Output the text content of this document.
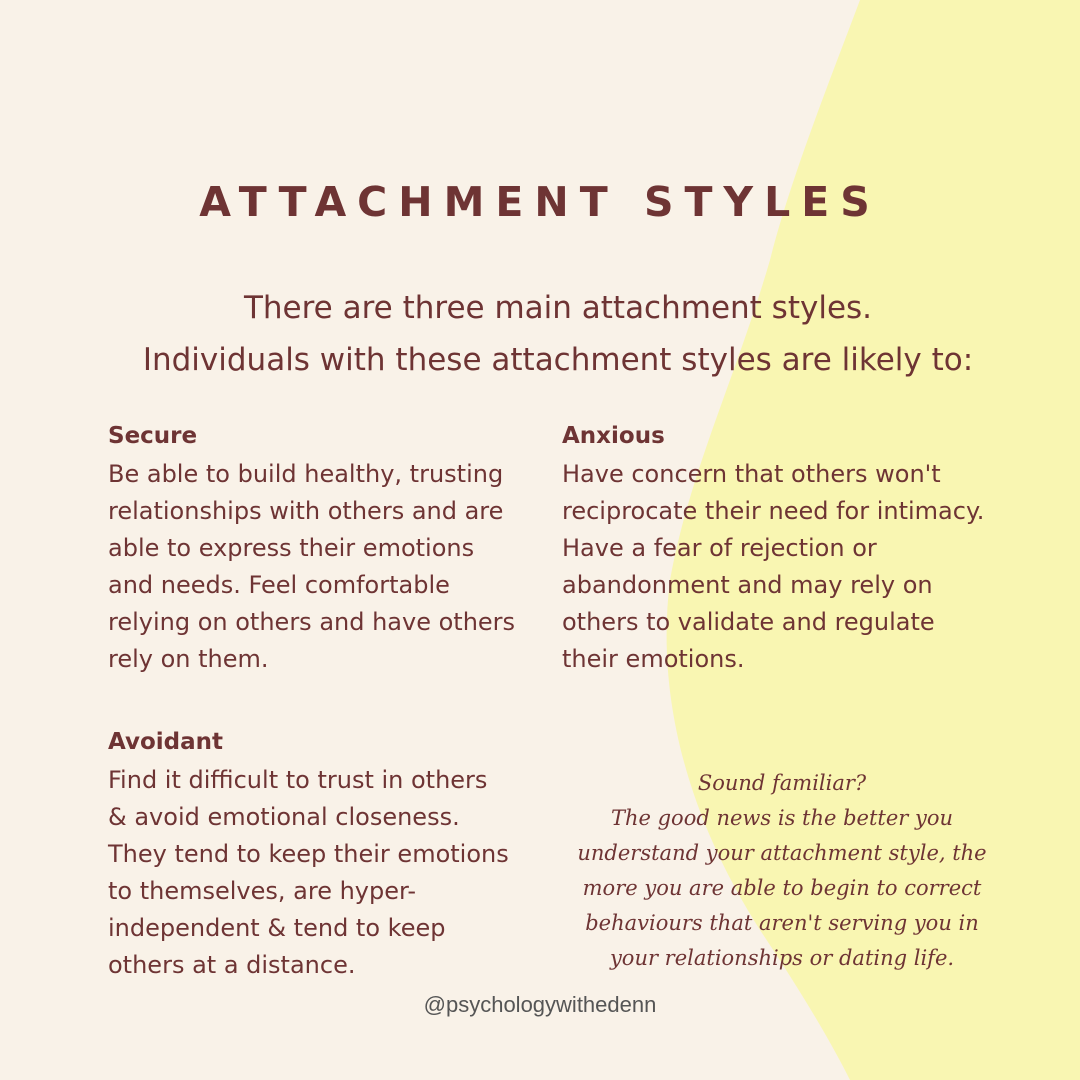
ATTACHMENT STYLES
There are three main attachment styles.
Individuals with these attachment styles are likely to:
Secure

Be able to build healthy, trusting
relationships with others and are
able to express their emotions
and needs. Feel comfortable
relying on others and have others
rely on them.

Anxious

Have concern that others won't
reciprocate their need for intimacy.
Have a fear of rejection or
abandonment and may rely on
others to validate and regulate
their emotions.

Avoidant

Find it difficult to trust in others
& avoid emotional closeness.
They tend to keep their emotions
to themselves, are hyper-
independent & tend to keep
others at a distance.

Sound familiar?
The good news is the better you
understand your attachment style, the
more you are able to begin to correct
behaviours that aren't serving you in
your relationships or dating life.
@psychologywithedenn
